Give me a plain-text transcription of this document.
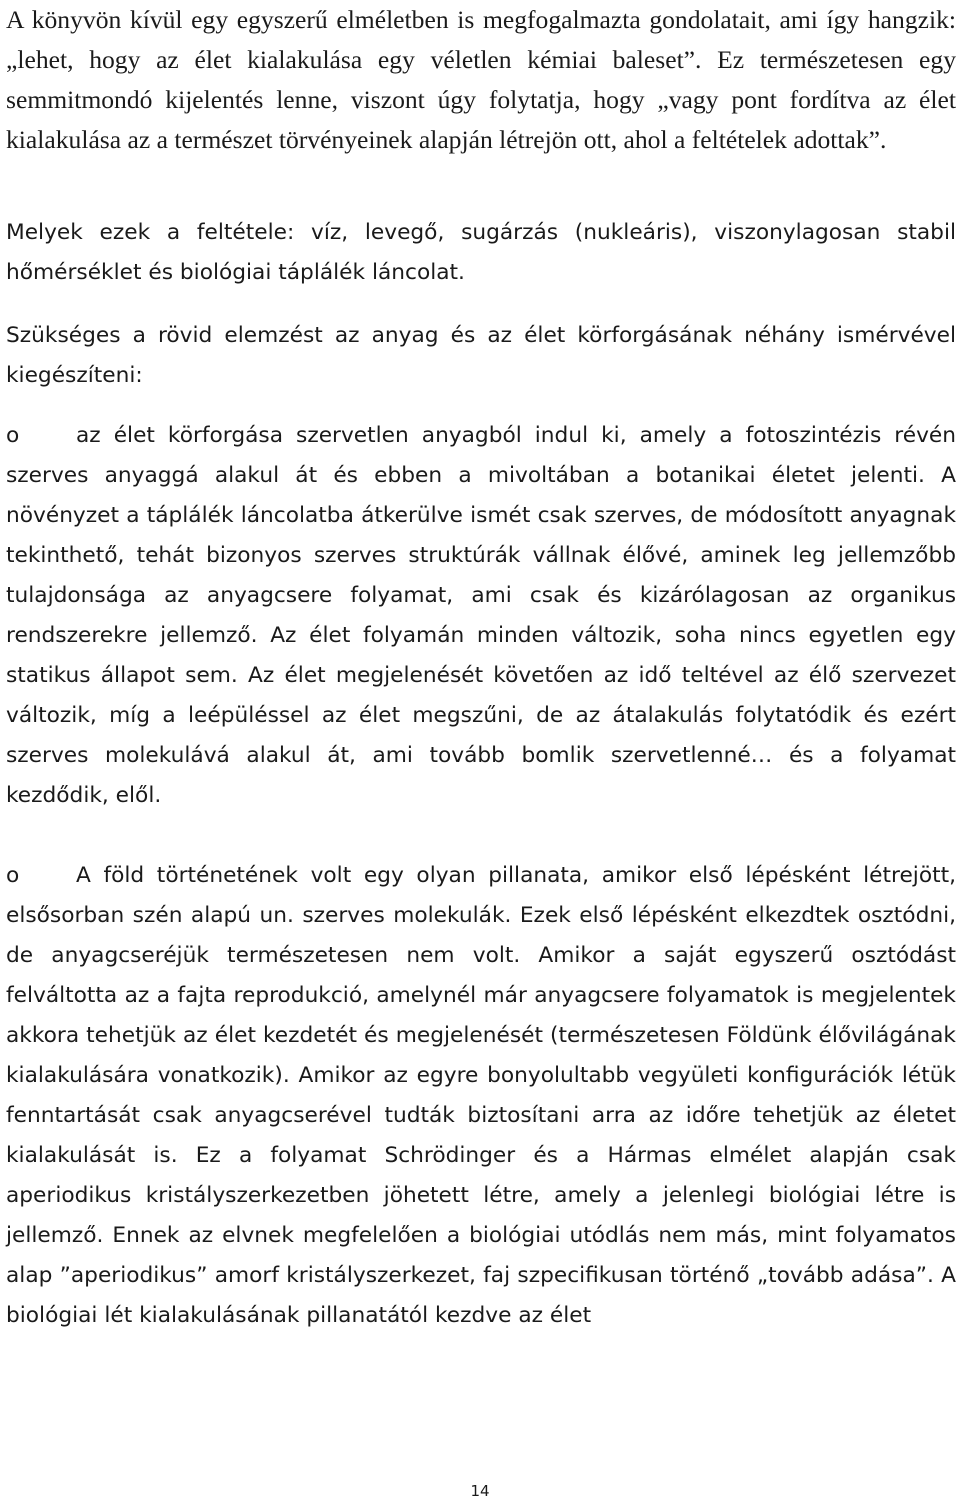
A könyvön kívül egy egyszerű elméletben is megfogalmazta gondolatait, ami így hangzik: „lehet, hogy az élet kialakulása egy véletlen kémiai baleset”. Ez természetesen egy semmitmondó kijelentés lenne, viszont úgy folytatja, hogy „vagy pont fordítva az élet kialakulása az a természet törvényeinek alapján létrejön ott, ahol a feltételek adottak”.

Melyek ezek a feltétele: víz, levegő, sugárzás (nukleáris), viszonylagosan stabil hőmérséklet és biológiai táplálék láncolat.

Szükséges a rövid elemzést az anyag és az élet körforgásának néhány ismérvével kiegészíteni:

o	az élet körforgása szervetlen anyagból indul ki, amely a fotoszintézis révén szerves anyaggá alakul át és ebben a mivoltában a botanikai életet jelenti. A növényzet a táplálék láncolatba átkerülve ismét csak szerves, de módosított anyagnak tekinthető, tehát bizonyos szerves struktúrák vállnak élővé, aminek leg jellemzőbb tulajdonsága az anyagcsere folyamat, ami csak és kizárólagosan az organikus rendszerekre jellemző. Az élet folyamán minden változik, soha nincs egyetlen egy statikus állapot sem. Az élet megjelenését követően az idő teltével az élő szervezet változik, míg a leépüléssel az élet megszűni, de az átalakulás folytatódik és ezért szerves molekulává alakul át, ami tovább bomlik szervetlenné… és a folyamat kezdődik, elől.

o	A föld történetének volt egy olyan pillanata, amikor első lépésként létrejött, elsősorban szén alapú un. szerves molekulák. Ezek első lépésként elkezdtek osztódni, de anyagcseréjük természetesen nem volt. Amikor a saját egyszerű osztódást felváltotta az a fajta reprodukció, amelynél már anyagcsere folyamatok is megjelentek akkora tehetjük az élet kezdetét és megjelenését (természetesen Földünk élővilágának kialakulására vonatkozik). Amikor az egyre bonyolultabb vegyületi konfigurációk létük fenntartását csak anyagcserével tudták biztosítani arra az időre tehetjük az életet kialakulását is. Ez a folyamat Schrödinger és a Hármas elmélet alapján csak aperiodikus kristályszerkezetben jöhetett létre, amely a jelenlegi biológiai létre is jellemző. Ennek az elvnek megfelelően a biológiai utódlás nem más, mint folyamatos alap ”aperiodikus” amorf kristályszerkezet, faj szpecifikusan történő „tovább adása”. A biológiai lét kialakulásának pillanatától kezdve az élet

14
